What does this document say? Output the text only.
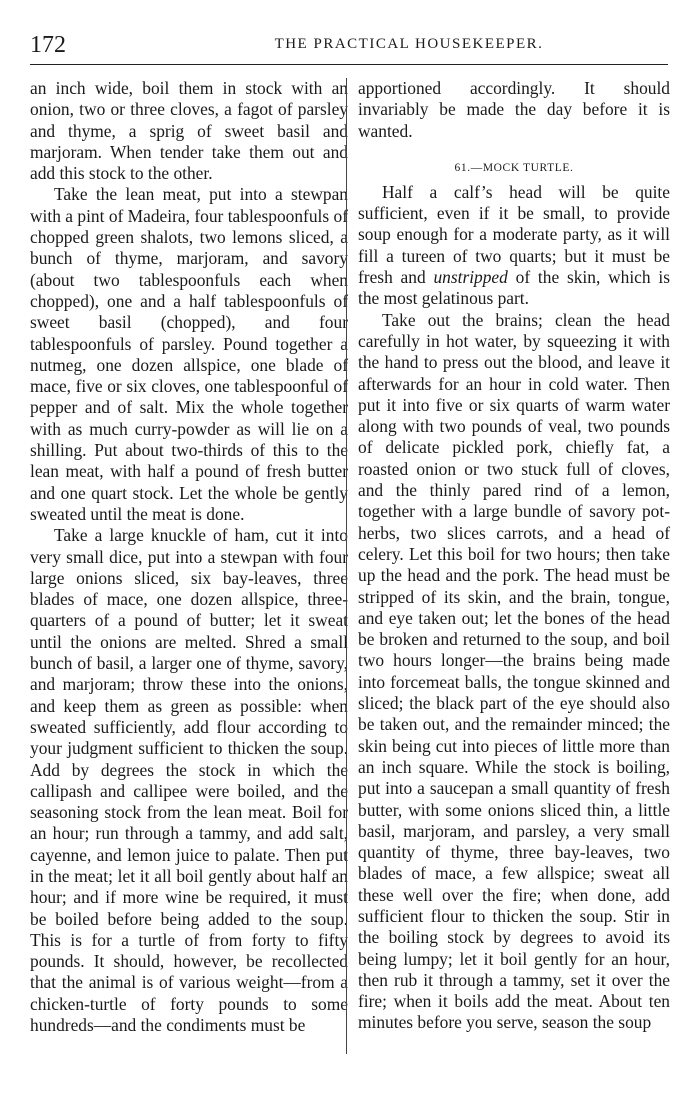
172	THE PRACTICAL HOUSEKEEPER.

an inch wide, boil them in stock with an onion, two or three cloves, a fagot of parsley and thyme, a sprig of sweet basil and marjoram. When tender take them out and add this stock to the other.

Take the lean meat, put into a stewpan with a pint of Madeira, four tablespoonfuls of chopped green shalots, two lemons sliced, a bunch of thyme, marjoram, and savory (about two tablespoonfuls each when chopped), one and a half tablespoonfuls of sweet basil (chopped), and four tablespoonfuls of parsley. Pound together a nutmeg, one dozen allspice, one blade of mace, five or six cloves, one tablespoonful of pepper and of salt. Mix the whole together with as much curry-powder as will lie on a shilling. Put about two-thirds of this to the lean meat, with half a pound of fresh butter and one quart stock. Let the whole be gently sweated until the meat is done.

Take a large knuckle of ham, cut it into very small dice, put into a stewpan with four large onions sliced, six bay-leaves, three blades of mace, one dozen allspice, three-quarters of a pound of butter; let it sweat until the onions are melted. Shred a small bunch of basil, a larger one of thyme, savory, and marjoram; throw these into the onions, and keep them as green as possible: when sweated sufficiently, add flour according to your judgment sufficient to thicken the soup. Add by degrees the stock in which the callipash and callipee were boiled, and the seasoning stock from the lean meat. Boil for an hour; run through a tammy, and add salt, cayenne, and lemon juice to palate. Then put in the meat; let it all boil gently about half an hour; and if more wine be required, it must be boiled before being added to the soup. This is for a turtle of from forty to fifty pounds. It should, however, be recollected that the animal is of various weight—from a chicken-turtle of forty pounds to some hundreds—and the condiments must be

apportioned accordingly. It should invariably be made the day before it is wanted.

61.—MOCK TURTLE.

Half a calf’s head will be quite sufficient, even if it be small, to provide soup enough for a moderate party, as it will fill a tureen of two quarts; but it must be fresh and unstripped of the skin, which is the most gelatinous part.

Take out the brains; clean the head carefully in hot water, by squeezing it with the hand to press out the blood, and leave it afterwards for an hour in cold water. Then put it into five or six quarts of warm water along with two pounds of veal, two pounds of delicate pickled pork, chiefly fat, a roasted onion or two stuck full of cloves, and the thinly pared rind of a lemon, together with a large bundle of savory pot-herbs, two slices carrots, and a head of celery. Let this boil for two hours; then take up the head and the pork. The head must be stripped of its skin, and the brain, tongue, and eye taken out; let the bones of the head be broken and returned to the soup, and boil two hours longer—the brains being made into forcemeat balls, the tongue skinned and sliced; the black part of the eye should also be taken out, and the remainder minced; the skin being cut into pieces of little more than an inch square. While the stock is boiling, put into a saucepan a small quantity of fresh butter, with some onions sliced thin, a little basil, marjoram, and parsley, a very small quantity of thyme, three bay-leaves, two blades of mace, a few allspice; sweat all these well over the fire; when done, add sufficient flour to thicken the soup. Stir in the boiling stock by degrees to avoid its being lumpy; let it boil gently for an hour, then rub it through a tammy, set it over the fire; when it boils add the meat. About ten minutes before you serve, season the soup
